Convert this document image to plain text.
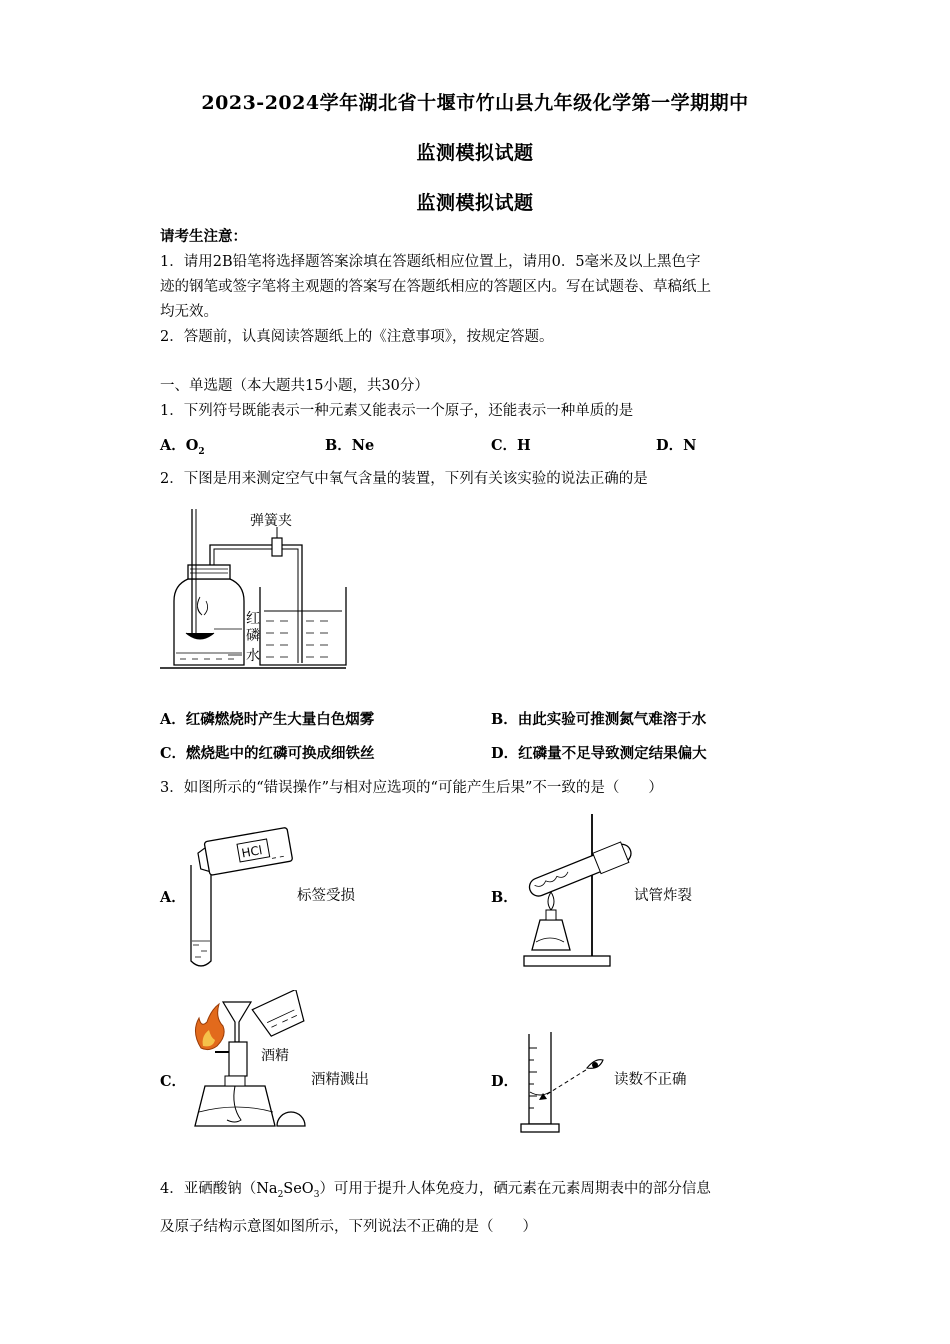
2023-2024学年湖北省十堰市竹山县九年级化学第一学期期中
监测模拟试题
监测模拟试题
请考生注意：
1．请用2B铅笔将选择题答案涂填在答题纸相应位置上，请用0．5毫米及以上黑色字
迹的钢笔或签字笔将主观题的答案写在答题纸相应的答题区内。写在试题卷、草稿纸上
均无效。
2．答题前，认真阅读答题纸上的《注意事项》，按规定答题。
一、单选题（本大题共15小题，共30分）
1．下列符号既能表示一种元素又能表示一个原子，还能表示一种单质的是
A．$O_2$	B．Ne	C．H	D．N
2．下图是用来测定空气中氧气含量的装置，下列有关该实验的说法正确的是
弹簧夹
红
磷
水
A．红磷燃烧时产生大量白色烟雾	B．由此实验可推测氮气难溶于水
C．燃烧匙中的红磷可换成细铁丝	D．红磷量不足导致测定结果偏大
3．如图所示的“错误操作”与相对应选项的“可能产生后果”不一致的是（　　）
A．
HCl
标签受损	B．	试管炸裂
C．
酒精
酒精溅出	D．	读数不正确
4．亚硒酸钠$(Na_2SeO_3)$可用于提升人体免疫力，硒元素在元素周期表中的部分信息
及原子结构示意图如图所示，下列说法不正确的是（　　）
